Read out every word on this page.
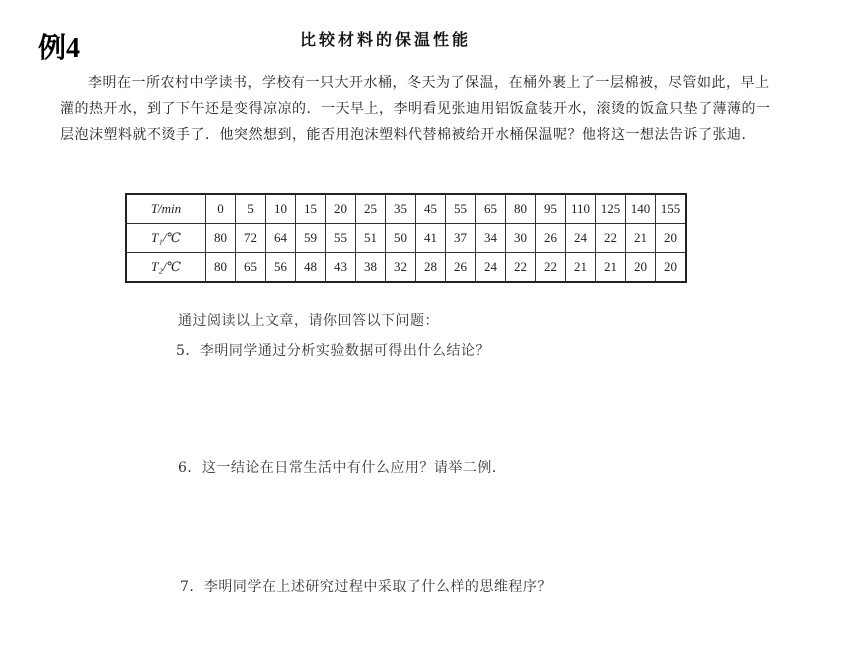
例4	比较材料的保温性能

李明在一所农村中学读书，学校有一只大开水桶，冬天为了保温，在桶外裹上了一层棉被，尽管如此，早上灌的热开水，到了下午还是变得凉凉的．一天早上，李明看见张迪用铝饭盒装开水，滚烫的饭盒只垫了薄薄的一层泡沫塑料就不烫手了．他突然想到，能否用泡沫塑料代替棉被给开水桶保温呢？他将这一想法告诉了张迪．

T/min	0	5	10	15	20	25	35	45	55	65	80	95	110	125	140	155
T₁/℃	80	72	64	59	55	51	50	41	37	34	30	26	24	22	21	20
T₂/℃	80	65	56	48	43	38	32	28	26	24	22	22	21	21	20	20

通过阅读以上文章，请你回答以下问题：

5．李明同学通过分析实验数据可得出什么结论？

6．这一结论在日常生活中有什么应用？请举二例．

7．李明同学在上述研究过程中采取了什么样的思维程序？
